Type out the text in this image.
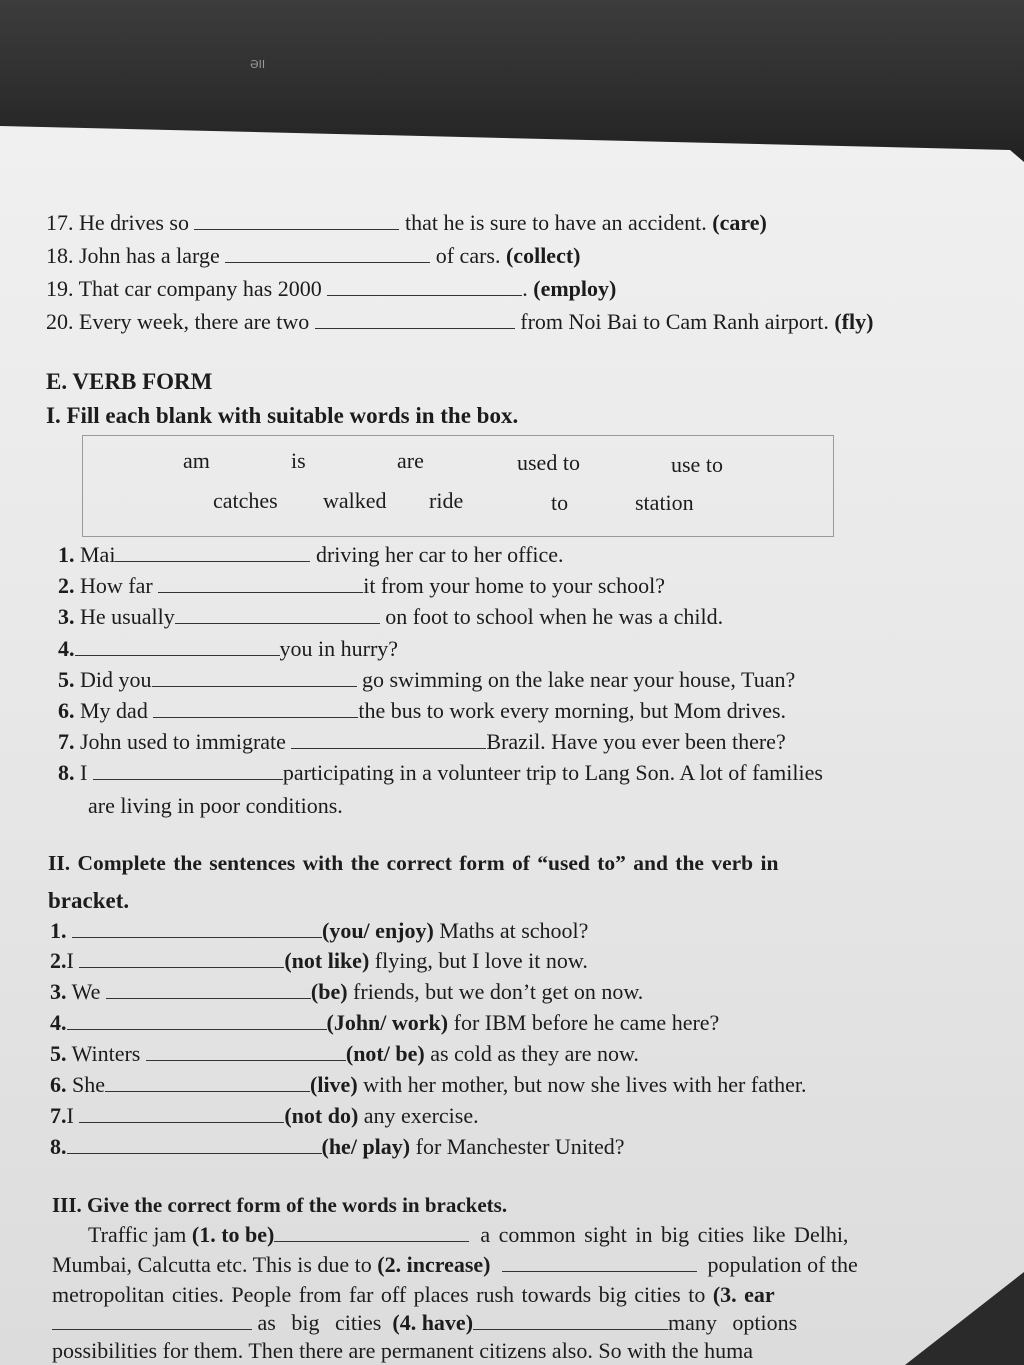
ƏII
17. He drives so	that he is sure to have an accident. (care)
18. John has a large	of cars. (collect)
19. That car company has 2000	. (employ)
20. Every week, there are two	from Noi Bai to Cam Ranh airport. (fly)
E. VERB FORM
I. Fill each blank with suitable words in the box.
am	is	are	used to	use to
catches walked ride	to	station
1. Mai	driving her car to her office.
2. How far	it from your home to your school?
3. He usually	on foot to school when he was a child.
4.	you in hurry?
5. Did you	go swimming on the lake near your house, Tuan?
6. My dad	the bus to work every morning, but Mom drives.
7. John used to immigrate	Brazil. Have you ever been there?
8. I	participating in a volunteer trip to Lang Son. A lot of families
are living in poor conditions.
II. Complete the sentences with the correct form of “used to” and the verb in
bracket.
1.	(you/ enjoy) Maths at school?
2.I	(not like) flying, but I love it now.
3. We	(be) friends, but we don’t get on now.
4.	(John/ work) for IBM before he came here?
5. Winters	(not/ be) as cold as they are now.
6. She	(live) with her mother, but now she lives with her father.
7.I	(not do) any exercise.
8.	(he/ play) for Manchester United?
III. Give the correct form of the words in brackets.
Traffic jam (1. to be)	a common sight in big cities like Delhi,
Mumbai, Calcutta etc. This is due to (2. increase)	population of the
metropolitan cities. People from far off places rush towards big cities to (3. ear
as big cities (4. have)	many options
possibilities for them. Then there are permanent citizens also. So with the huma
